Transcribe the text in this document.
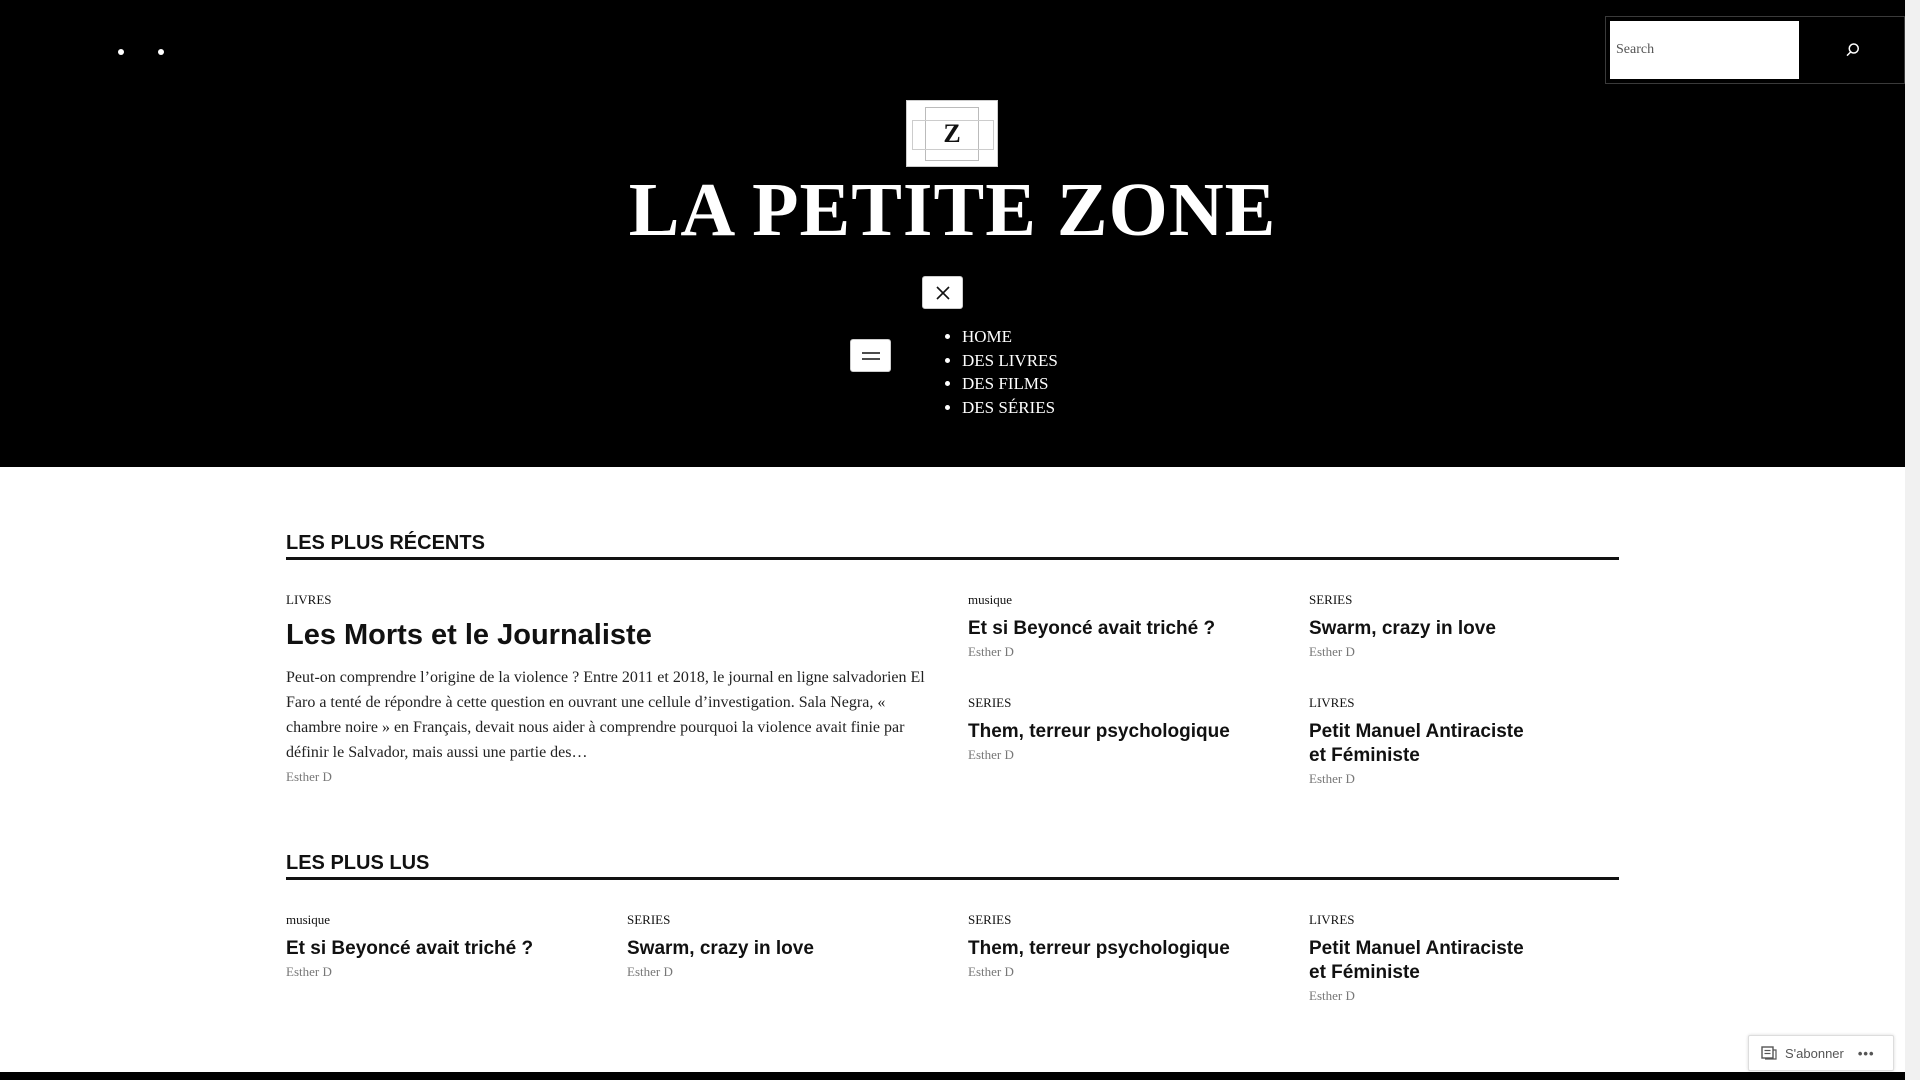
Search
Z
LA PETITE ZONE
• HOME
• DES LIVRES
• DES FILMS
• DES SÉRIES
LES PLUS RÉCENTS
LIVRES
Les Morts et le Journaliste

Peut-on comprendre l’origine de la violence ? Entre 2011 et 2018, le journal en ligne salvadorien El Faro a tenté de répondre à cette question en ouvrant une cellule d’investigation. Sala Negra, « chambre noire » en Français, devait nous aider à comprendre pourquoi la violence avait finie par définir le Salvador, mais aussi une partie des…

Esther D
musique
Et si Beyoncé avait triché ?
Esther D
SERIES
Swarm, crazy in love
Esther D
SERIES
Them, terreur psychologique
Esther D
LIVRES
Petit Manuel Antiraciste
et Féministe
Esther D
LES PLUS LUS
musique
Et si Beyoncé avait triché ?
Esther D
SERIES
Swarm, crazy in love
Esther D
SERIES
Them, terreur psychologique
Esther D
LIVRES
Petit Manuel Antiraciste
et Féministe
Esther D
S'abonner •••
